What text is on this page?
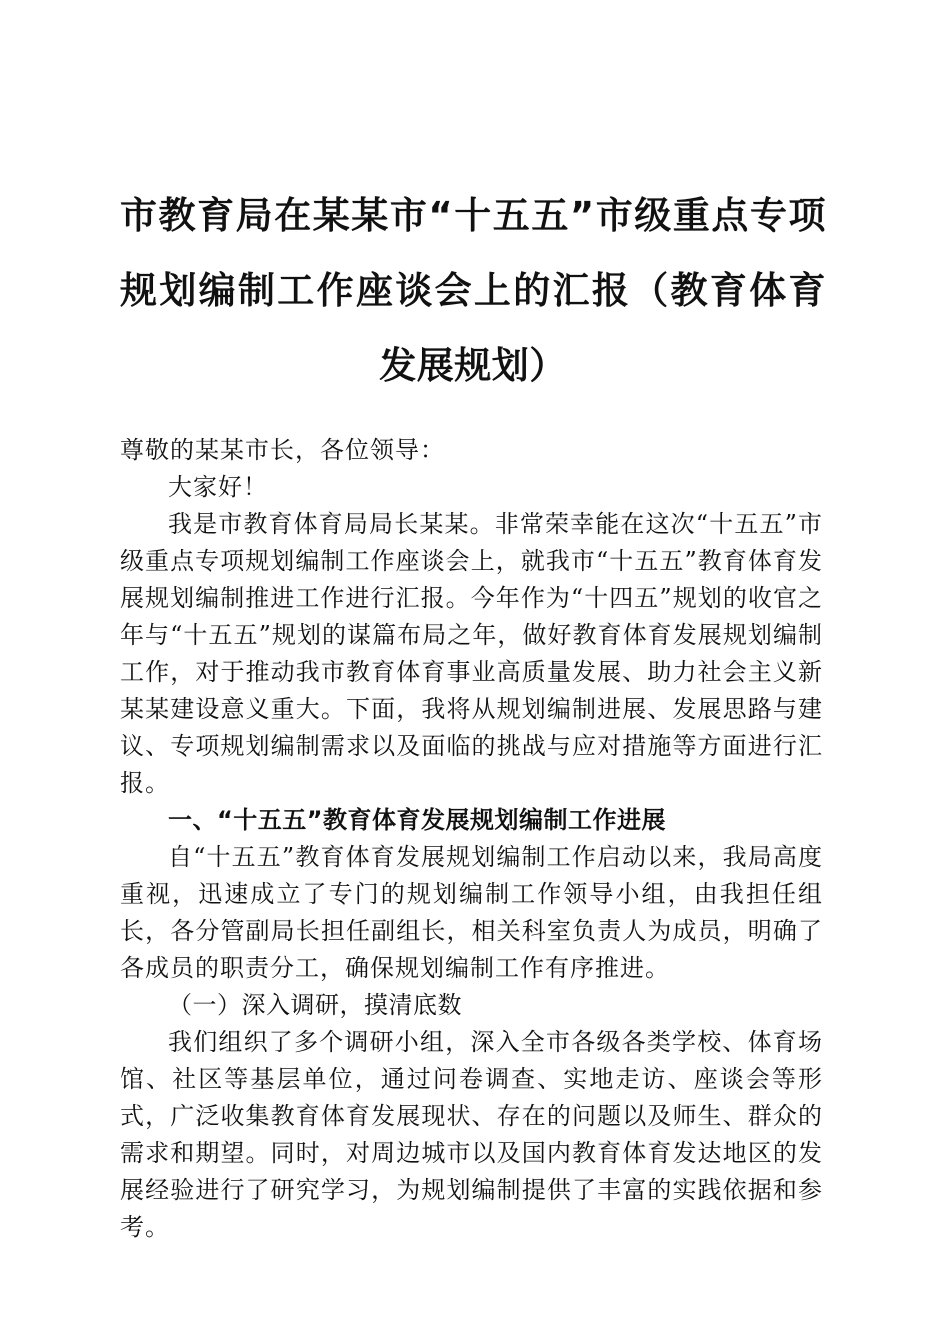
市教育局在某某市“十五五”市级重点专项规划编制工作座谈会上的汇报（教育体育发展规划）

尊敬的某某市长，各位领导：

大家好！

我是市教育体育局局长某某。非常荣幸能在这次“十五五”市级重点专项规划编制工作座谈会上，就我市“十五五”教育体育发展规划编制推进工作进行汇报。今年作为“十四五”规划的收官之年与“十五五”规划的谋篇布局之年，做好教育体育发展规划编制工作，对于推动我市教育体育事业高质量发展、助力社会主义新某某建设意义重大。下面，我将从规划编制进展、发展思路与建议、专项规划编制需求以及面临的挑战与应对措施等方面进行汇报。

一、“十五五”教育体育发展规划编制工作进展

自“十五五”教育体育发展规划编制工作启动以来，我局高度重视，迅速成立了专门的规划编制工作领导小组，由我担任组长，各分管副局长担任副组长，相关科室负责人为成员，明确了各成员的职责分工，确保规划编制工作有序推进。

（一）深入调研，摸清底数

我们组织了多个调研小组，深入全市各级各类学校、体育场馆、社区等基层单位，通过问卷调查、实地走访、座谈会等形式，广泛收集教育体育发展现状、存在的问题以及师生、群众的需求和期望。同时，对周边城市以及国内教育体育发达地区的发展经验进行了研究学习，为规划编制提供了丰富的实践依据和参考。
